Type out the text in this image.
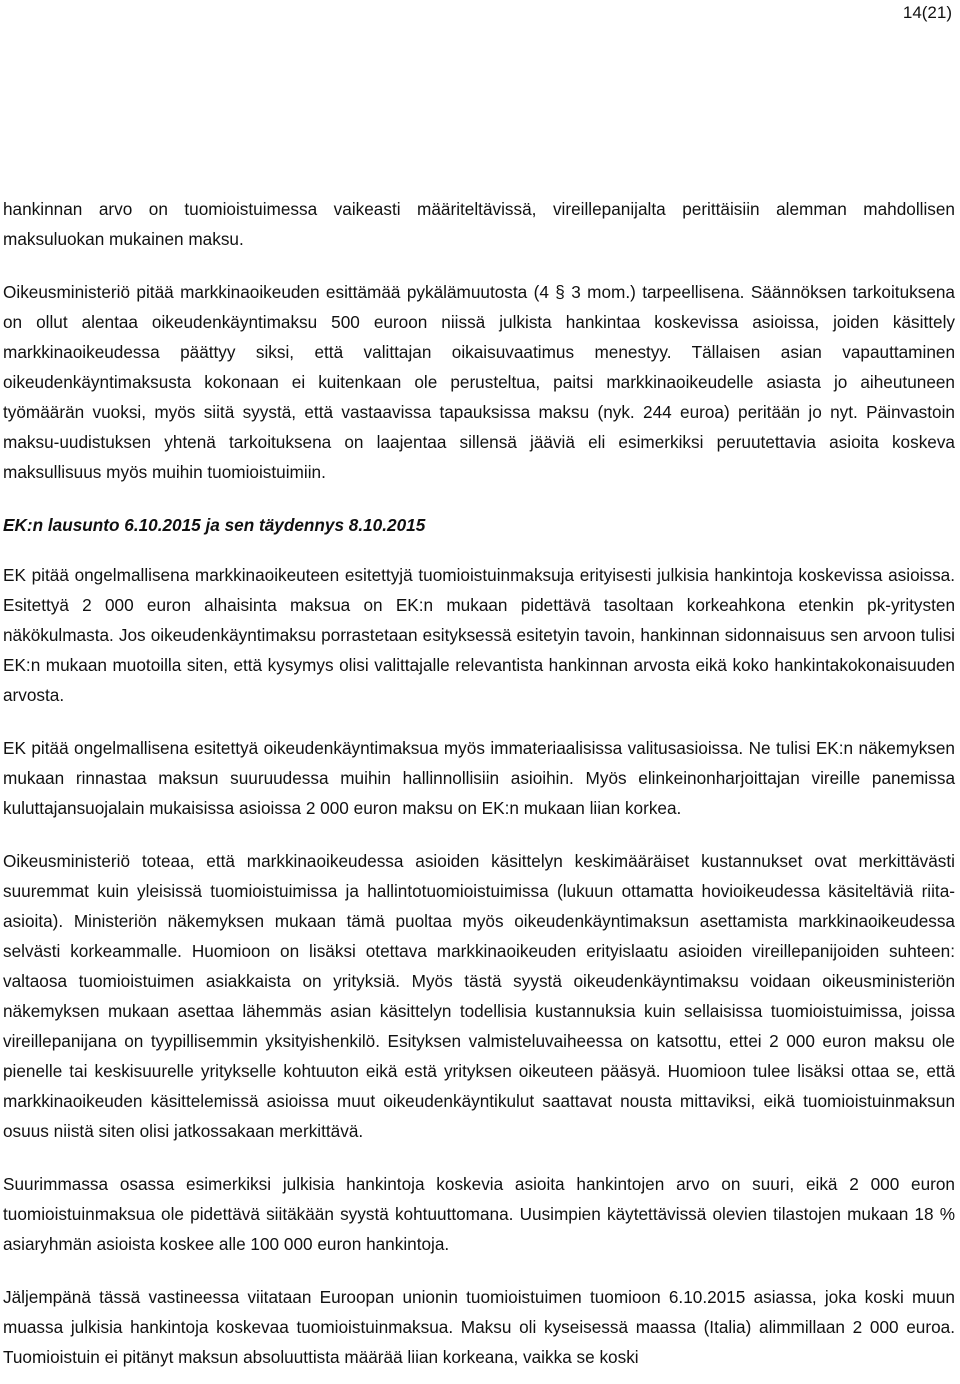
14(21)

hankinnan arvo on tuomioistuimessa vaikeasti määriteltävissä, vireillepanijalta perittäisiin alemman mahdollisen maksuluokan mukainen maksu.

Oikeusministeriö pitää markkinaoikeuden esittämää pykälämuutosta (4 § 3 mom.) tarpeellisena. Säännöksen tarkoituksena on ollut alentaa oikeudenkäyntimaksu 500 euroon niissä julkista hankintaa koskevissa asioissa, joiden käsittely markkinaoikeudessa päättyy siksi, että valittajan oikaisuvaatimus menestyy. Tällaisen asian vapauttaminen oikeudenkäyntimaksusta kokonaan ei kuitenkaan ole perusteltua, paitsi markkinaoikeudelle asiasta jo aiheutuneen työmäärän vuoksi, myös siitä syystä, että vastaavissa tapauksissa maksu (nyk. 244 euroa) peritään jo nyt. Päinvastoin maksu-uudistuksen yhtenä tarkoituksena on laajentaa sillensä jääviä eli esimerkiksi peruutettavia asioita koskeva maksullisuus myös muihin tuomioistuimiin.

EK:n lausunto 6.10.2015 ja sen täydennys 8.10.2015

EK pitää ongelmallisena markkinaoikeuteen esitettyjä tuomioistuinmaksuja erityisesti julkisia hankintoja koskevissa asioissa. Esitettyä 2 000 euron alhaisinta maksua on EK:n mukaan pidettävä tasoltaan korkeahkona etenkin pk-yritysten näkökulmasta. Jos oikeudenkäyntimaksu porrastetaan esityksessä esitetyin tavoin, hankinnan sidonnaisuus sen arvoon tulisi EK:n mukaan muotoilla siten, että kysymys olisi valittajalle relevantista hankinnan arvosta eikä koko hankintakokonaisuuden arvosta.

EK pitää ongelmallisena esitettyä oikeudenkäyntimaksua myös immateriaalisissa valitusasioissa. Ne tulisi EK:n näkemyksen mukaan rinnastaa maksun suuruudessa muihin hallinnollisiin asioihin. Myös elinkeinonharjoittajan vireille panemissa kuluttajansuojalain mukaisissa asioissa 2 000 euron maksu on EK:n mukaan liian korkea.

Oikeusministeriö toteaa, että markkinaoikeudessa asioiden käsittelyn keskimääräiset kustannukset ovat merkittävästi suuremmat kuin yleisissä tuomioistuimissa ja hallintotuomioistuimissa (lukuun ottamatta hovioikeudessa käsiteltäviä riita-asioita). Ministeriön näkemyksen mukaan tämä puoltaa myös oikeudenkäyntimaksun asettamista markkinaoikeudessa selvästi korkeammalle. Huomioon on lisäksi otettava markkinaoikeuden erityislaatu asioiden vireillepanijoiden suhteen: valtaosa tuomioistuimen asiakkaista on yrityksiä. Myös tästä syystä oikeudenkäyntimaksu voidaan oikeusministeriön näkemyksen mukaan asettaa lähemmäs asian käsittelyn todellisia kustannuksia kuin sellaisissa tuomioistuimissa, joissa vireillepanijana on tyypillisemmin yksityishenkilö. Esityksen valmisteluvaiheessa on katsottu, ettei 2 000 euron maksu ole pienelle tai keskisuurelle yritykselle kohtuuton eikä estä yrityksen oikeuteen pääsyä. Huomioon tulee lisäksi ottaa se, että markkinaoikeuden käsittelemissä asioissa muut oikeudenkäyntikulut saattavat nousta mittaviksi, eikä tuomioistuinmaksun osuus niistä siten olisi jatkossakaan merkittävä.

Suurimmassa osassa esimerkiksi julkisia hankintoja koskevia asioita hankintojen arvo on suuri, eikä 2 000 euron tuomioistuinmaksua ole pidettävä siitäkään syystä kohtuuttomana. Uusimpien käytettävissä olevien tilastojen mukaan 18 % asiaryhmän asioista koskee alle 100 000 euron hankintoja.

Jäljempänä tässä vastineessa viitataan Euroopan unionin tuomioistuimen tuomioon 6.10.2015 asiassa, joka koski muun muassa julkisia hankintoja koskevaa tuomioistuinmaksua. Maksu oli kyseisessä maassa (Italia) alimmillaan 2 000 euroa. Tuomioistuin ei pitänyt maksun absoluuttista määrää liian korkeana, vaikka se koski
